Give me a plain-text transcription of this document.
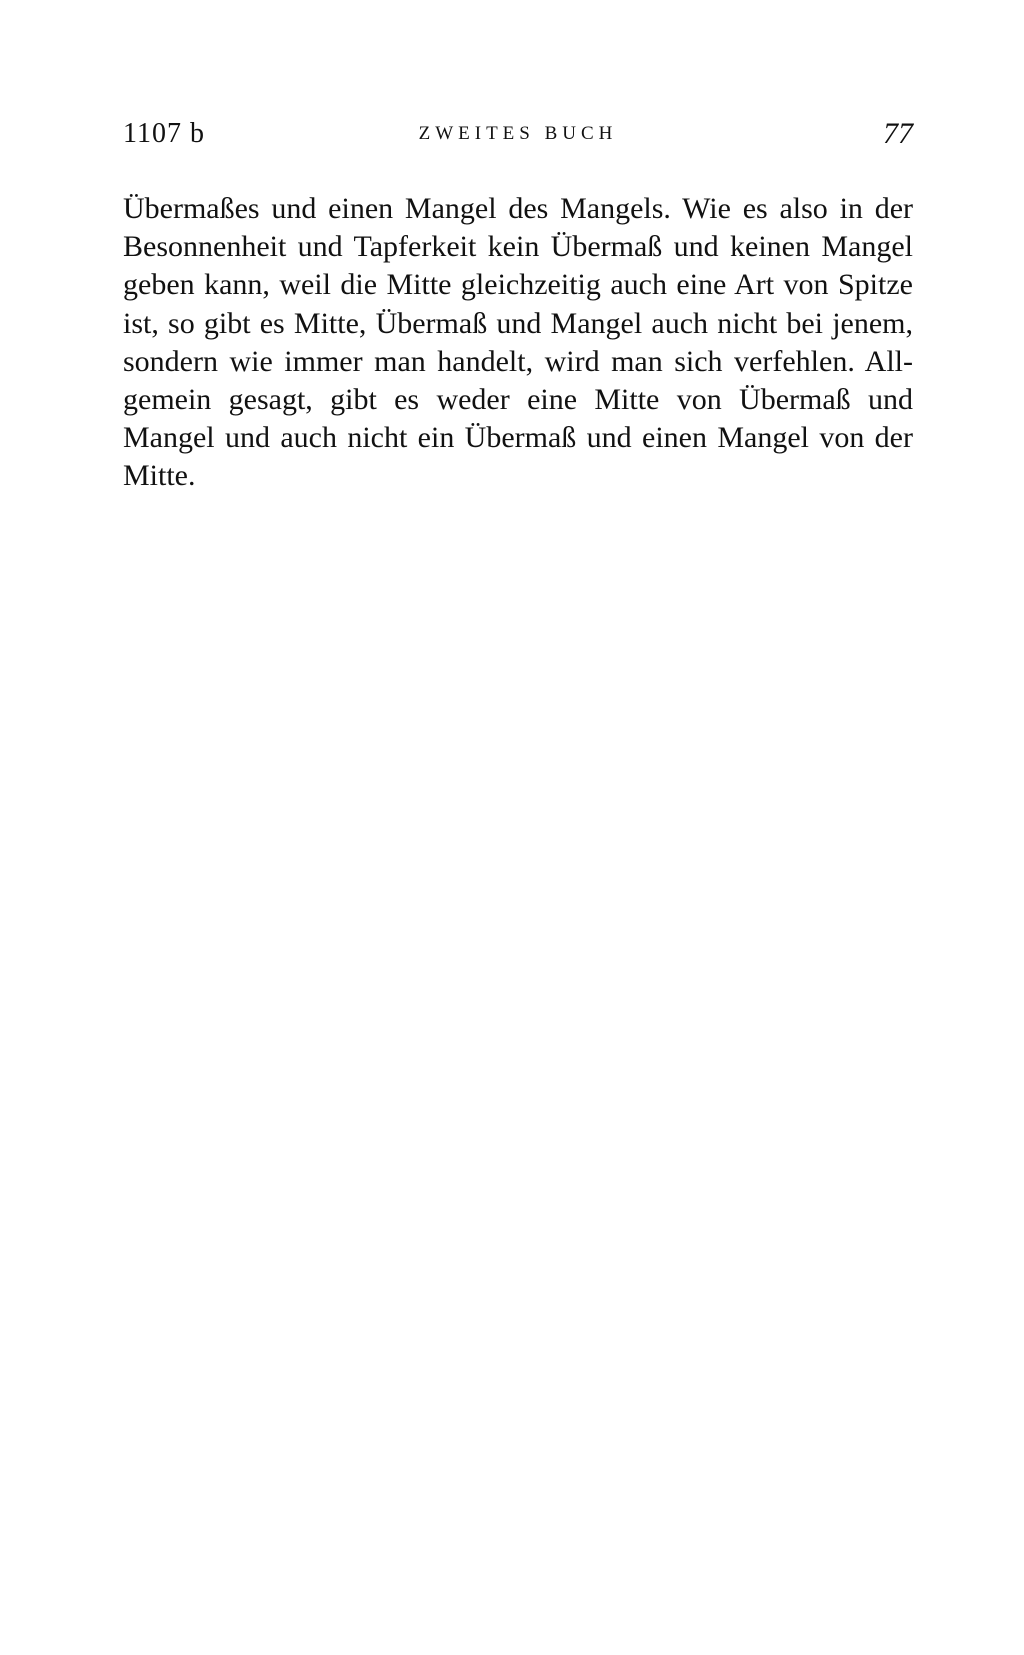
1107 b	ZWEITES BUCH	77

Übermaßes und einen Mangel des Mangels. Wie es also in der Besonnenheit und Tapferkeit kein Übermaß und keinen Mangel geben kann, weil die Mitte gleichzeitig auch eine Art von Spitze ist, so gibt es Mitte, Übermaß und Mangel auch nicht bei jenem, sondern wie immer man handelt, wird man sich verfehlen. Allgemein gesagt, gibt es weder eine Mitte von Übermaß und Mangel und auch nicht ein Übermaß und einen Mangel von der Mitte.
